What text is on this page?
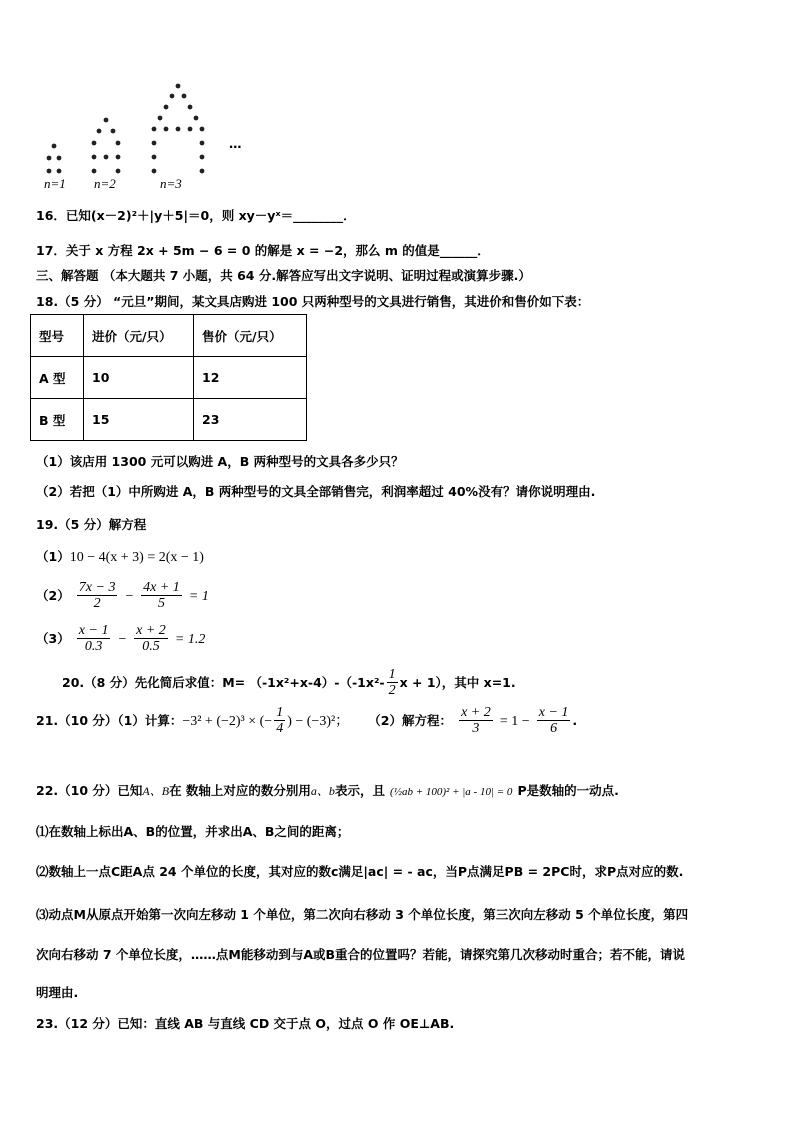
n=1 n=2	n=3
…
16．已知(x－2)²＋|y＋5|＝0，则 xy－yˣ＝________．
17．关于 x 方程 2x + 5m − 6 = 0 的解是 x = −2，那么 m 的值是______．
三、解答题 （本大题共 7 小题，共 64 分.解答应写出文字说明、证明过程或演算步骤.）
18.（5 分） “元旦”期间，某文具店购进 100 只两种型号的文具进行销售，其进价和售价如下表：
型号	进价（元/只）	售价（元/只）
A 型	10	12
B 型	15	23
（1）该店用 1300 元可以购进 A，B 两种型号的文具各多少只？
（2）若把（1）中所购进 A，B 两种型号的文具全部销售完，利润率超过 40%没有？请你说明理由.
19.（5 分）解方程
（1）10 − 4(x + 3) = 2(x − 1)
$(2) \frac{7x - 3}{2} - \frac{4x + 1}{5} = 1$
$(3) \frac{x - 1}{0.3} - \frac{x + 2}{0.5} = 1.2$
20.（8 分）先化简后求值：$M= (-1x^2+x-4)-(-1x^2- \frac{1}{2}$ x + 1），其中 x=1.
21.（10 分）（1）计算：−3² + (−2)³ × (− $\frac{1}{4}$ ) − (−3)²； （2）解方程： $\frac{x + 2}{3} = 1 - \frac{x - 1}{6}$ .
22.（10 分）已知A、B在 数轴上对应的数分别用a、b表示，且 (½ab + 100)² + |a - 10| = 0 P是数轴的一动点.
⑴在数轴上标出A、B的位置，并求出A、B之间的距离；
⑵数轴上一点C距A点 24 个单位的长度，其对应的数c满足|ac| = - ac，当P点满足PB = 2PC时，求P点对应的数.
⑶动点M从原点开始第一次向左移动 1 个单位，第二次向右移动 3 个单位长度，第三次向左移动 5 个单位长度，第四
次向右移动 7 个单位长度，……点M能移动到与A或B重合的位置吗？若能，请探究第几次移动时重合；若不能，请说
明理由.
23.（12 分）已知：直线 AB 与直线 CD 交于点 O，过点 O 作 OE⊥AB.
